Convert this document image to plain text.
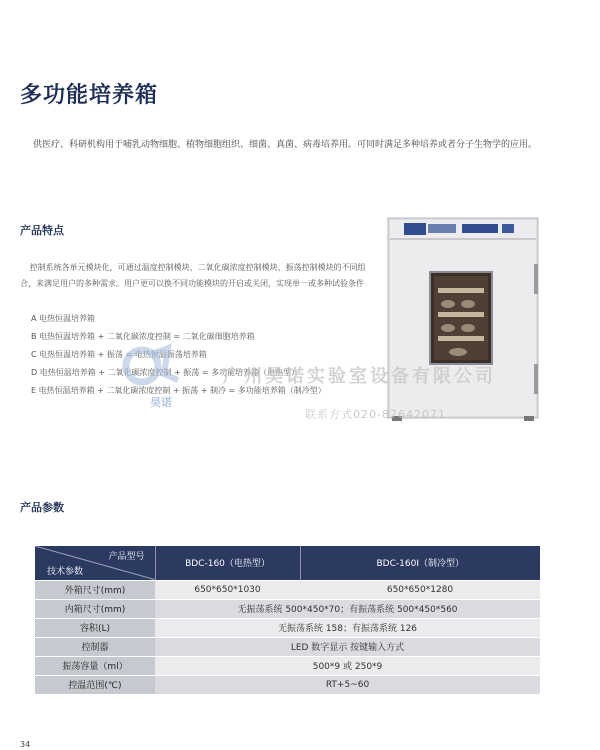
多功能培养箱

供医疗、科研机构用于哺乳动物细胞、植物细胞组织、细菌、真菌、病毒培养用。可同时满足多种培养或者分子生物学的应用。

产品特点

控制系统各单元模块化，可通过温度控制模块、二氧化碳浓度控制模块、振荡控制模块的不同组合，来满足用户的多种需求。用户更可以换不同功能模块的开启或关闭，实现单一或多种试验条件

A 电热恒温培养箱
B 电热恒温培养箱 + 二氧化碳浓度控制 = 二氧化碳细胞培养箱
C 电热恒温培养箱 + 振荡 = 电热恒温振荡培养箱
D 电热恒温培养箱 + 二氧化碳浓度控制 + 振荡 = 多功能培养箱（电热型）
E 电热恒温培养箱 + 二氧化碳浓度控制 + 振荡 + 制冷 = 多功能培养箱（制冷型）
昊诺
广州昊诺实验室设备有限公司
联系方式020-87642071
产品参数
产品型号
技术参数	BDC-160（电热型）	BDC-160I（制冷型）
外箱尺寸(mm)	650*650*1030	650*650*1280
内箱尺寸(mm)	无振荡系统 500*450*70；有振荡系统 500*450*560	
容积(L)	无振荡系统 158；有振荡系统 126	
控制器	LED 数字显示 按键输入方式	
振荡容量（ml）	500*9 或 250*9	
控温范围(℃)	RT+5~60	
34
